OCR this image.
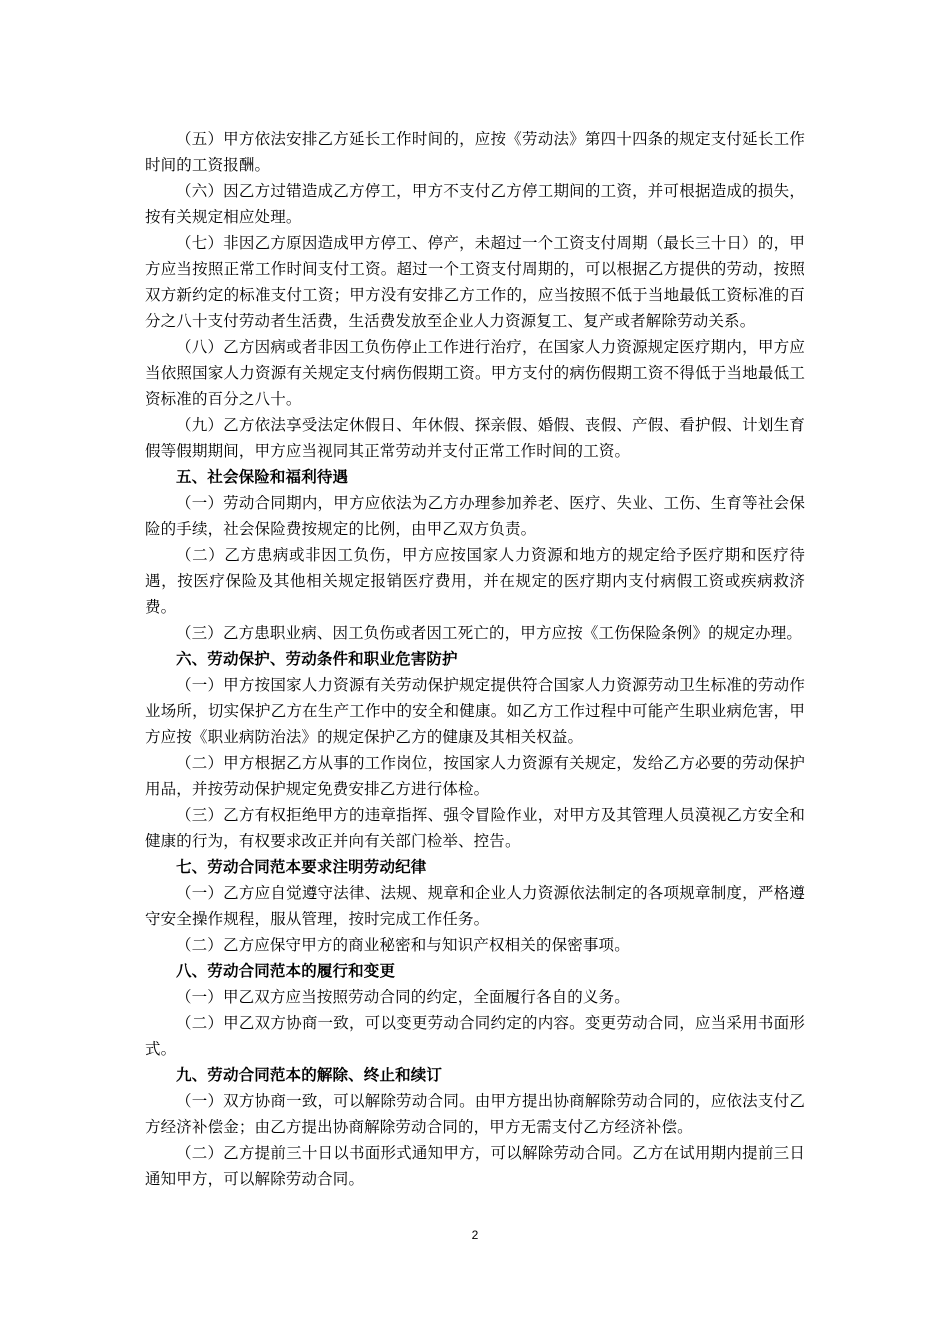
（五）甲方依法安排乙方延长工作时间的，应按《劳动法》第四十四条的规定支付延长工作时间的工资报酬。

（六）因乙方过错造成乙方停工，甲方不支付乙方停工期间的工资，并可根据造成的损失，按有关规定相应处理。

（七）非因乙方原因造成甲方停工、停产，未超过一个工资支付周期（最长三十日）的，甲方应当按照正常工作时间支付工资。超过一个工资支付周期的，可以根据乙方提供的劳动，按照双方新约定的标准支付工资；甲方没有安排乙方工作的，应当按照不低于当地最低工资标准的百分之八十支付劳动者生活费，生活费发放至企业人力资源复工、复产或者解除劳动关系。

（八）乙方因病或者非因工负伤停止工作进行治疗，在国家人力资源规定医疗期内，甲方应当依照国家人力资源有关规定支付病伤假期工资。甲方支付的病伤假期工资不得低于当地最低工资标准的百分之八十。

（九）乙方依法享受法定休假日、年休假、探亲假、婚假、丧假、产假、看护假、计划生育假等假期期间，甲方应当视同其正常劳动并支付正常工作时间的工资。

五、社会保险和福利待遇

（一）劳动合同期内，甲方应依法为乙方办理参加养老、医疗、失业、工伤、生育等社会保险的手续，社会保险费按规定的比例，由甲乙双方负责。

（二）乙方患病或非因工负伤，甲方应按国家人力资源和地方的规定给予医疗期和医疗待遇，按医疗保险及其他相关规定报销医疗费用，并在规定的医疗期内支付病假工资或疾病救济费。

（三）乙方患职业病、因工负伤或者因工死亡的，甲方应按《工伤保险条例》的规定办理。

六、劳动保护、劳动条件和职业危害防护

（一）甲方按国家人力资源有关劳动保护规定提供符合国家人力资源劳动卫生标准的劳动作业场所，切实保护乙方在生产工作中的安全和健康。如乙方工作过程中可能产生职业病危害，甲方应按《职业病防治法》的规定保护乙方的健康及其相关权益。

（二）甲方根据乙方从事的工作岗位，按国家人力资源有关规定，发给乙方必要的劳动保护用品，并按劳动保护规定免费安排乙方进行体检。

（三）乙方有权拒绝甲方的违章指挥、强令冒险作业，对甲方及其管理人员漠视乙方安全和健康的行为，有权要求改正并向有关部门检举、控告。

七、劳动合同范本要求注明劳动纪律

（一）乙方应自觉遵守法律、法规、规章和企业人力资源依法制定的各项规章制度，严格遵守安全操作规程，服从管理，按时完成工作任务。

（二）乙方应保守甲方的商业秘密和与知识产权相关的保密事项。

八、劳动合同范本的履行和变更

（一）甲乙双方应当按照劳动合同的约定，全面履行各自的义务。

（二）甲乙双方协商一致，可以变更劳动合同约定的内容。变更劳动合同，应当采用书面形式。

九、劳动合同范本的解除、终止和续订

（一）双方协商一致，可以解除劳动合同。由甲方提出协商解除劳动合同的，应依法支付乙方经济补偿金；由乙方提出协商解除劳动合同的，甲方无需支付乙方经济补偿。

（二）乙方提前三十日以书面形式通知甲方，可以解除劳动合同。乙方在试用期内提前三日通知甲方，可以解除劳动合同。

2
